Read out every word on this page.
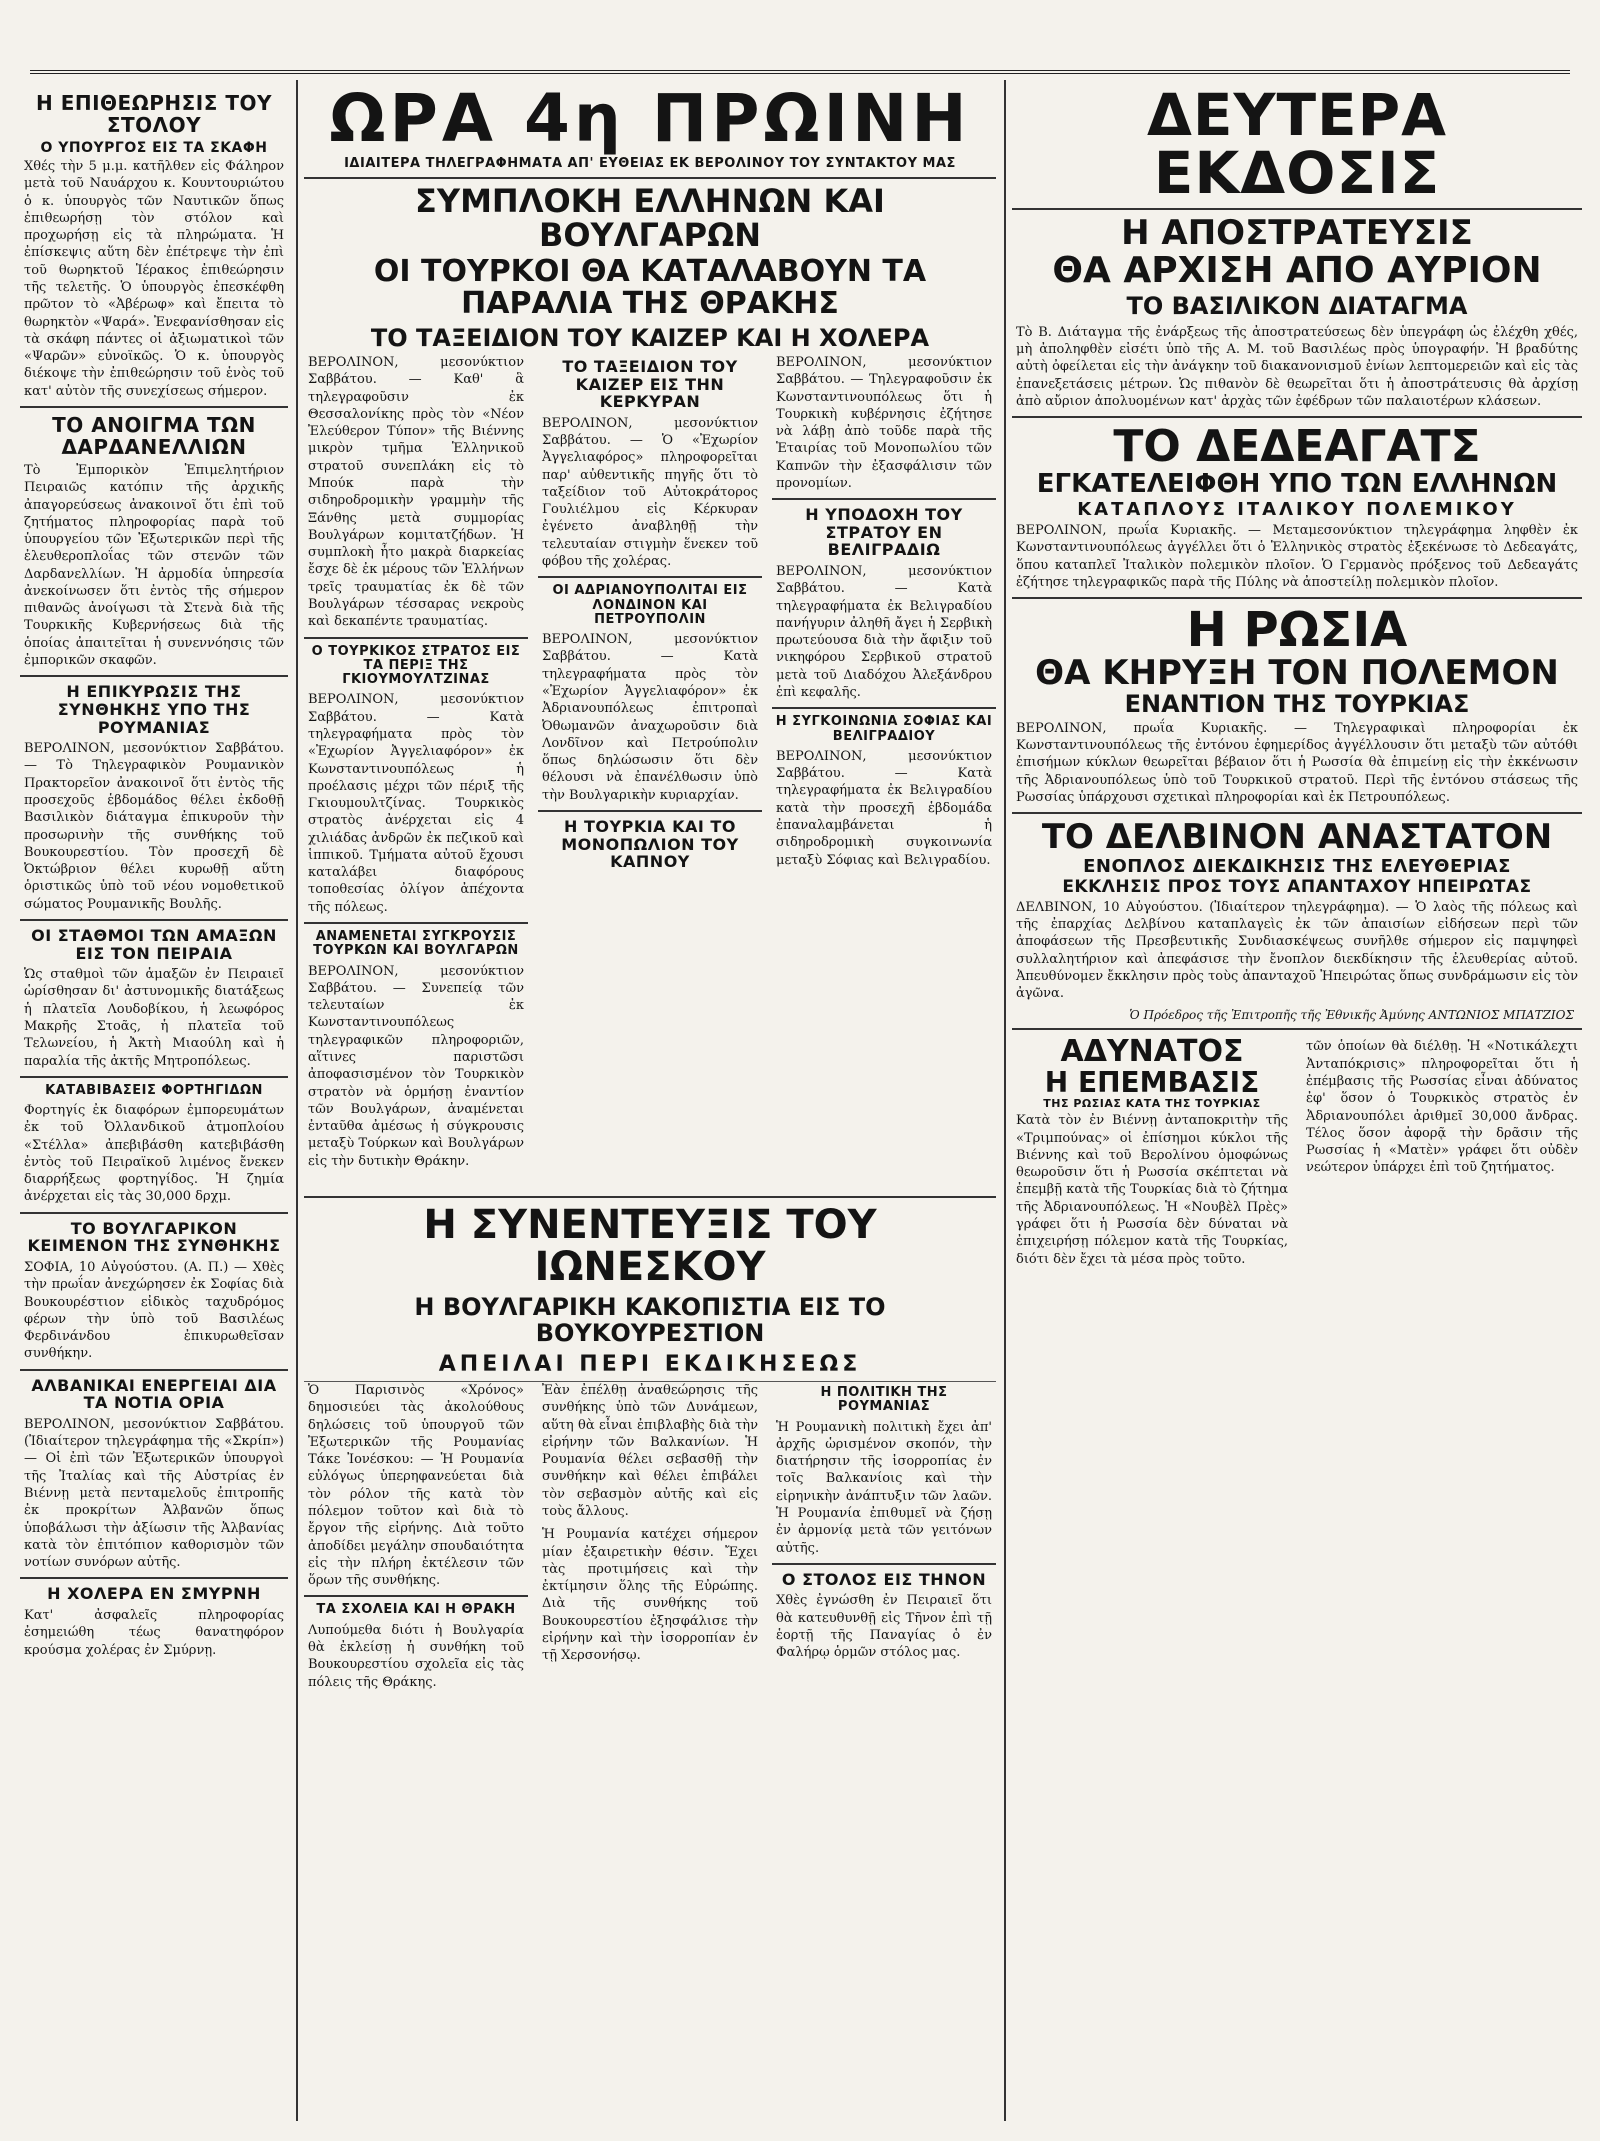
Η ΕΠΙΘΕΩΡΗΣΙΣ ΤΟΥ ΣΤΟΛΟΥ
Ο ΥΠΟΥΡΓΟΣ ΕΙΣ ΤΑ ΣΚΑΦΗ
Χθές τὴν 5 μ.μ. κατῆλθεν εἰς Φάληρον μετὰ τοῦ Ναυάρχου κ. Κουντουριώτου ὁ κ. ὑπουργὸς τῶν Ναυτικῶν ὅπως ἐπιθεωρήσῃ τὸν στόλον καὶ προχωρήσῃ εἰς τὰ πληρώματα. Ἡ ἐπίσκεψις αὕτη δὲν ἐπέτρεψε τὴν ἐπὶ τοῦ θωρηκτοῦ Ἱέρακος ἐπιθεώρησιν τῆς τελετῆς. Ὁ ὑπουργὸς ἐπεσκέφθη πρῶτον τὸ «Ἀβέρωφ» καὶ ἔπειτα τὸ θωρηκτὸν «Ψαρά». Ἐνεφανίσθησαν εἰς τὰ σκάφη πάντες οἱ ἀξιωματικοὶ τῶν «Ψαρῶν» εὐνοϊκῶς. Ὁ κ. ὑπουργὸς διέκοψε τὴν ἐπιθεώρησιν τοῦ ἑνὸς τοῦ κατ' αὐτὸν τῆς συνεχίσεως σήμερον.
ΤΟ ΑΝΟΙΓΜΑ ΤΩΝ ΔΑΡΔΑΝΕΛΛΙΩΝ
Τὸ Ἐμπορικὸν Ἐπιμελητήριον Πειραιῶς κατόπιν τῆς ἀρχικῆς ἀπαγορεύσεως ἀνακοινοῖ ὅτι ἐπὶ τοῦ ζητήματος πληροφορίας παρὰ τοῦ ὑπουργείου τῶν Ἐξωτερικῶν περὶ τῆς ἐλευθεροπλοΐας τῶν στενῶν τῶν Δαρδανελλίων. Ἡ ἀρμοδία ὑπηρεσία ἀνεκοίνωσεν ὅτι ἐντὸς τῆς σήμερον πιθανῶς ἀνοίγωσι τὰ Στενὰ διὰ τῆς Τουρκικῆς Κυβερνήσεως διὰ τῆς ὁποίας ἀπαιτεῖται ἡ συνεννόησις τῶν ἐμπορικῶν σκαφῶν.
Η ΕΠΙΚΥΡΩΣΙΣ ΤΗΣ ΣΥΝΘΗΚΗΣ ΥΠΟ ΤΗΣ ΡΟΥΜΑΝΙΑΣ
ΒΕΡΟΛΙΝΟΝ, μεσονύκτιον Σαββάτου. — Τὸ Τηλεγραφικὸν Ρουμανικὸν Πρακτορεῖον ἀνακοινοῖ ὅτι ἐντὸς τῆς προσεχοῦς ἑβδομάδος θέλει ἐκδοθῇ Βασιλικὸν διάταγμα ἐπικυροῦν τὴν προσωρινὴν τῆς συνθήκης τοῦ Βουκουρεστίου. Τὸν προσεχῆ δὲ Ὀκτώβριον θέλει κυρωθῇ αὕτη ὁριστικῶς ὑπὸ τοῦ νέου νομοθετικοῦ σώματος Ρουμανικῆς Βουλῆς.
ΟΙ ΣΤΑΘΜΟΙ ΤΩΝ ΑΜΑΞΩΝ ΕΙΣ ΤΟΝ ΠΕΙΡΑΙΑ
Ὡς σταθμοὶ τῶν ἁμαξῶν ἐν Πειραιεῖ ὡρίσθησαν δι' ἀστυνομικῆς διατάξεως ἡ πλατεῖα Λουδοβίκου, ἡ λεωφόρος Μακρῆς Στοᾶς, ἡ πλατεῖα τοῦ Τελωνείου, ἡ Ἀκτὴ Μιαούλη καὶ ἡ παραλία τῆς ἀκτῆς Μητροπόλεως.
ΚΑΤΑΒΙΒΑΣΕΙΣ ΦΟΡΤΗΓΙΔΩΝ
Φορτηγίς ἐκ διαφόρων ἐμπορευμάτων ἐκ τοῦ Ὀλλανδικοῦ ἀτμοπλοίου «Στέλλα» ἀπεβιβάσθη κατεβιβάσθη ἐντὸς τοῦ Πειραϊκοῦ λιμένος ἔνεκεν διαρρήξεως φορτηγίδος. Ἡ ζημία ἀνέρχεται εἰς τὰς 30,000 δρχμ.
ΤΟ ΒΟΥΛΓΑΡΙΚΟΝ ΚΕΙΜΕΝΟΝ ΤΗΣ ΣΥΝΘΗΚΗΣ
ΣΟΦΙΑ, 10 Αὐγούστου. (Α. Π.) — Χθὲς τὴν πρωΐαν ἀνεχώρησεν ἐκ Σοφίας διὰ Βουκουρέστιον εἰδικὸς ταχυδρόμος φέρων τὴν ὑπὸ τοῦ Βασιλέως Φερδινάνδου ἐπικυρωθεῖσαν συνθήκην.
ΑΛΒΑΝΙΚΑΙ ΕΝΕΡΓΕΙΑΙ ΔΙΑ ΤΑ ΝΟΤΙΑ ΟΡΙΑ
ΒΕΡΟΛΙΝΟΝ, μεσονύκτιον Σαββάτου. (Ἰδιαίτερον τηλεγράφημα τῆς «Σκρίπ») — Οἱ ἐπὶ τῶν Ἐξωτερικῶν ὑπουργοὶ τῆς Ἰταλίας καὶ τῆς Αὐστρίας ἐν Βιέννῃ μετὰ πενταμελοῦς ἐπιτροπῆς ἐκ προκρίτων Ἀλβανῶν ὅπως ὑποβάλωσι τὴν ἀξίωσιν τῆς Ἀλβανίας κατὰ τὸν ἐπιτόπιον καθορισμὸν τῶν νοτίων συνόρων αὐτῆς.
Η ΧΟΛΕΡΑ ΕΝ ΣΜΥΡΝΗ
Κατ' ἀσφαλεῖς πληροφορίας ἐσημειώθη τέως θανατηφόρον κρούσμα χολέρας ἐν Σμύρνῃ.
ΩΡΑ 4η ΠΡΩΙΝΗ
ΙΔΙΑΙΤΕΡΑ ΤΗΛΕΓΡΑΦΗΜΑΤΑ ΑΠ' ΕΥΘΕΙΑΣ ΕΚ ΒΕΡΟΛΙΝΟΥ ΤΟΥ ΣΥΝΤΑΚΤΟΥ ΜΑΣ
ΣΥΜΠΛΟΚΗ ΕΛΛΗΝΩΝ ΚΑΙ ΒΟΥΛΓΑΡΩΝ
ΟΙ ΤΟΥΡΚΟΙ ΘΑ ΚΑΤΑΛΑΒΟΥΝ ΤΑ ΠΑΡΑΛΙΑ ΤΗΣ ΘΡΑΚΗΣ
ΤΟ ΤΑΞΕΙΔΙΟΝ ΤΟΥ ΚΑΙΖΕΡ ΚΑΙ Η ΧΟΛΕΡΑ
ΒΕΡΟΛΙΝΟΝ, μεσονύκτιον Σαββάτου. — Καθ' ἃ τηλεγραφοῦσιν ἐκ Θεσσαλονίκης πρὸς τὸν «Νέον Ἐλεύθερον Τύπον» τῆς Βιέννης μικρὸν τμῆμα Ἑλληνικοῦ στρατοῦ συνεπλάκη εἰς τὸ Μπούκ παρὰ τὴν σιδηροδρομικὴν γραμμὴν τῆς Ξάνθης μετὰ συμμορίας Βουλγάρων κομιτατζήδων. Ἡ συμπλοκὴ ἦτο μακρὰ διαρκείας ἔσχε δὲ ἐκ μέρους τῶν Ἑλλήνων τρεῖς τραυματίας ἐκ δὲ τῶν Βουλγάρων τέσσαρας νεκροὺς καὶ δεκαπέντε τραυματίας.
Ο ΤΟΥΡΚΙΚΟΣ ΣΤΡΑΤΟΣ ΕΙΣ ΤΑ ΠΕΡΙΞ ΤΗΣ ΓΚΙΟΥΜΟΥΛΤΖΙΝΑΣ
ΒΕΡΟΛΙΝΟΝ, μεσονύκτιον Σαββάτου. — Κατὰ τηλεγραφήματα πρὸς τὸν «Ἐχωρίον Ἀγγελιαφόρον» ἐκ Κωνσταντινουπόλεως ἡ προέλασις μέχρι τῶν πέριξ τῆς Γκιουμουλτζίνας. Τουρκικὸς στρατὸς ἀνέρχεται εἰς 4 χιλιάδας ἀνδρῶν ἐκ πεζικοῦ καὶ ἱππικοῦ. Τμήματα αὐτοῦ ἔχουσι καταλάβει διαφόρους τοποθεσίας ὀλίγον ἀπέχοντα τῆς πόλεως.
ΑΝΑΜΕΝΕΤΑΙ ΣΥΓΚΡΟΥΣΙΣ ΤΟΥΡΚΩΝ ΚΑΙ ΒΟΥΛΓΑΡΩΝ
ΒΕΡΟΛΙΝΟΝ, μεσονύκτιον Σαββάτου. — Συνεπείᾳ τῶν τελευταίων ἐκ Κωνσταντινουπόλεως τηλεγραφικῶν πληροφοριῶν, αἵτινες παριστῶσι ἀποφασισμένον τὸν Τουρκικὸν στρατὸν νὰ ὁρμήσῃ ἐναντίον τῶν Βουλγάρων, ἀναμένεται ἐνταῦθα ἀμέσως ἡ σύγκρουσις μεταξὺ Τούρκων καὶ Βουλγάρων εἰς τὴν δυτικὴν Θράκην.
ΤΟ ΤΑΞΕΙΔΙΟΝ ΤΟΥ ΚΑΙΖΕΡ ΕΙΣ ΤΗΝ ΚΕΡΚΥΡΑΝ
ΒΕΡΟΛΙΝΟΝ, μεσονύκτιον Σαββάτου. — Ὁ «Ἐχωρίον Ἀγγελιαφόρος» πληροφορεῖται παρ' αὐθεντικῆς πηγῆς ὅτι τὸ ταξείδιον τοῦ Αὐτοκράτορος Γουλιέλμου εἰς Κέρκυραν ἐγένετο ἀναβληθῇ τὴν τελευταίαν στιγμὴν ἕνεκεν τοῦ φόβου τῆς χολέρας.
ΟΙ ΑΔΡΙΑΝΟΥΠΟΛΙΤΑΙ ΕΙΣ ΛΟΝΔΙΝΟΝ ΚΑΙ ΠΕΤΡΟΥΠΟΛΙΝ
ΒΕΡΟΛΙΝΟΝ, μεσονύκτιον Σαββάτου. — Κατὰ τηλεγραφήματα πρὸς τὸν «Ἐχωρίον Ἀγγελιαφόρον» ἐκ Ἀδριανουπόλεως ἐπιτροπαὶ Ὀθωμανῶν ἀναχωροῦσιν διὰ Λονδῖνον καὶ Πετρούπολιν ὅπως δηλώσωσιν ὅτι δὲν θέλουσι νὰ ἐπανέλθωσιν ὑπὸ τὴν Βουλγαρικὴν κυριαρχίαν.
Η ΤΟΥΡΚΙΑ ΚΑΙ ΤΟ ΜΟΝΟΠΩΛΙΟΝ ΤΟΥ ΚΑΠΝΟΥ
ΒΕΡΟΛΙΝΟΝ, μεσονύκτιον Σαββάτου. — Τηλεγραφοῦσιν ἐκ Κωνσταντινουπόλεως ὅτι ἡ Τουρκικὴ κυβέρνησις ἐζήτησε νὰ λάβῃ ἀπὸ τοῦδε παρὰ τῆς Ἑταιρίας τοῦ Μονοπωλίου τῶν Καπνῶν τὴν ἐξασφάλισιν τῶν προνομίων.
Η ΥΠΟΔΟΧΗ ΤΟΥ ΣΤΡΑΤΟΥ ΕΝ ΒΕΛΙΓΡΑΔΙΩ
ΒΕΡΟΛΙΝΟΝ, μεσονύκτιον Σαββάτου. — Κατὰ τηλεγραφήματα ἐκ Βελιγραδίου πανήγυριν ἀληθῆ ἄγει ἡ Σερβικὴ πρωτεύουσα διὰ τὴν ἄφιξιν τοῦ νικηφόρου Σερβικοῦ στρατοῦ μετὰ τοῦ Διαδόχου Ἀλεξάνδρου ἐπὶ κεφαλῆς.
Η ΣΥΓΚΟΙΝΩΝΙΑ ΣΟΦΙΑΣ ΚΑΙ ΒΕΛΙΓΡΑΔΙΟΥ
ΒΕΡΟΛΙΝΟΝ, μεσονύκτιον Σαββάτου. — Κατὰ τηλεγραφήματα ἐκ Βελιγραδίου κατὰ τὴν προσεχῆ ἑβδομάδα ἐπαναλαμβάνεται ἡ σιδηροδρομικὴ συγκοινωνία μεταξὺ Σόφιας καὶ Βελιγραδίου.
Η ΣΥΝΕΝΤΕΥΞΙΣ ΤΟΥ ΙΩΝΕΣΚΟΥ
Η ΒΟΥΛΓΑΡΙΚΗ ΚΑΚΟΠΙΣΤΙΑ ΕΙΣ ΤΟ ΒΟΥΚΟΥΡΕΣΤΙΟΝ
ΑΠΕΙΛΑΙ ΠΕΡΙ ΕΚΔΙΚΗΣΕΩΣ
Ὁ Παρισινὸς «Χρόνος» δημοσιεύει τὰς ἀκολούθους δηλώσεις τοῦ ὑπουργοῦ τῶν Ἐξωτερικῶν τῆς Ρουμανίας Τάκε Ἰονέσκου: — Ἡ Ρουμανία εὐλόγως ὑπερηφανεύεται διὰ τὸν ρόλον τῆς κατὰ τὸν πόλεμον τοῦτον καὶ διὰ τὸ ἔργον τῆς εἰρήνης. Διὰ τοῦτο ἀποδίδει μεγάλην σπουδαιότητα εἰς τὴν πλήρη ἐκτέλεσιν τῶν ὅρων τῆς συνθήκης.
ΤΑ ΣΧΟΛΕΙΑ ΚΑΙ Η ΘΡΑΚΗ
Λυπούμεθα διότι ἡ Βουλγαρία θὰ ἐκλείσῃ ἡ συνθήκη τοῦ Βουκουρεστίου σχολεῖα εἰς τὰς πόλεις τῆς Θράκης.
Ἐὰν ἐπέλθῃ ἀναθεώρησις τῆς συνθήκης ὑπὸ τῶν Δυνάμεων, αὕτη θὰ εἶναι ἐπιβλαβὴς διὰ τὴν εἰρήνην τῶν Βαλκανίων. Ἡ Ρουμανία θέλει σεβασθῇ τὴν συνθήκην καὶ θέλει ἐπιβάλει τὸν σεβασμὸν αὐτῆς καὶ εἰς τοὺς ἄλλους.
Ἡ Ρουμανία κατέχει σήμερον μίαν ἐξαιρετικὴν θέσιν. Ἔχει τὰς προτιμήσεις καὶ τὴν ἐκτίμησιν ὅλης τῆς Εὐρώπης. Διὰ τῆς συνθήκης τοῦ Βουκουρεστίου ἐξησφάλισε τὴν εἰρήνην καὶ τὴν ἰσορροπίαν ἐν τῇ Χερσονήσῳ.
Η ΠΟΛΙΤΙΚΗ ΤΗΣ ΡΟΥΜΑΝΙΑΣ
Ἡ Ρουμανικὴ πολιτικὴ ἔχει ἀπ' ἀρχῆς ὡρισμένον σκοπόν, τὴν διατήρησιν τῆς ἰσορροπίας ἐν τοῖς Βαλκανίοις καὶ τὴν εἰρηνικὴν ἀνάπτυξιν τῶν λαῶν. Ἡ Ρουμανία ἐπιθυμεῖ νὰ ζήσῃ ἐν ἀρμονίᾳ μετὰ τῶν γειτόνων αὐτῆς.
Ο ΣΤΟΛΟΣ ΕΙΣ ΤΗΝΟΝ
Χθὲς ἐγνώσθη ἐν Πειραιεῖ ὅτι θὰ κατευθυνθῇ εἰς Τῆνον ἐπὶ τῇ ἑορτῇ τῆς Παναγίας ὁ ἐν Φαλήρῳ ὁρμῶν στόλος μας.
ΔΕΥΤΕΡΑ ΕΚΔΟΣΙΣ
Η ΑΠΟΣΤΡΑΤΕΥΣΙΣ
ΘΑ ΑΡΧΙΣΗ ΑΠΟ ΑΥΡΙΟΝ
ΤΟ ΒΑΣΙΛΙΚΟΝ ΔΙΑΤΑΓΜΑ
Τὸ Β. Διάταγμα τῆς ἐνάρξεως τῆς ἀποστρατεύσεως δὲν ὑπεγράφη ὡς ἐλέχθη χθές, μὴ ἀποληφθὲν εἰσέτι ὑπὸ τῆς Α. Μ. τοῦ Βασιλέως πρὸς ὑπογραφήν. Ἡ βραδύτης αὐτὴ ὀφείλεται εἰς τὴν ἀνάγκην τοῦ διακανονισμοῦ ἐνίων λεπτομερειῶν καὶ εἰς τὰς ἐπανεξετάσεις μέτρων. Ὡς πιθανὸν δὲ θεωρεῖται ὅτι ἡ ἀποστράτευσις θὰ ἀρχίσῃ ἀπὸ αὔριον ἀπολυομένων κατ' ἀρχὰς τῶν ἐφέδρων τῶν παλαιοτέρων κλάσεων.
ΤΟ ΔΕΔΕΑΓΑΤΣ
ΕΓΚΑΤΕΛΕΙΦΘΗ ΥΠΟ ΤΩΝ ΕΛΛΗΝΩΝ
ΚΑΤΑΠΛΟΥΣ ΙΤΑΛΙΚΟΥ ΠΟΛΕΜΙΚΟΥ
ΒΕΡΟΛΙΝΟΝ, πρωΐα Κυριακῆς. — Μεταμεσονύκτιον τηλεγράφημα ληφθὲν ἐκ Κωνσταντινουπόλεως ἀγγέλλει ὅτι ὁ Ἑλληνικὸς στρατὸς ἐξεκένωσε τὸ Δεδεαγάτς, ὅπου καταπλεῖ Ἰταλικὸν πολεμικὸν πλοῖον. Ὁ Γερμανὸς πρόξενος τοῦ Δεδεαγάτς ἐζήτησε τηλεγραφικῶς παρὰ τῆς Πύλης νὰ ἀποστείλῃ πολεμικὸν πλοῖον.
Η ΡΩΣΙΑ
ΘΑ ΚΗΡΥΞΗ ΤΟΝ ΠΟΛΕΜΟΝ
ΕΝΑΝΤΙΟΝ ΤΗΣ ΤΟΥΡΚΙΑΣ
ΒΕΡΟΛΙΝΟΝ, πρωΐα Κυριακῆς. — Τηλεγραφικαὶ πληροφορίαι ἐκ Κωνσταντινουπόλεως τῆς ἐντόνου ἐφημερίδος ἀγγέλλουσιν ὅτι μεταξὺ τῶν αὐτόθι ἐπισήμων κύκλων θεωρεῖται βέβαιον ὅτι ἡ Ρωσσία θὰ ἐπιμείνῃ εἰς τὴν ἐκκένωσιν τῆς Ἀδριανουπόλεως ὑπὸ τοῦ Τουρκικοῦ στρατοῦ. Περὶ τῆς ἐντόνου στάσεως τῆς Ρωσσίας ὑπάρχουσι σχετικαὶ πληροφορίαι καὶ ἐκ Πετρουπόλεως.
ΤΟ ΔΕΛΒΙΝΟΝ ΑΝΑΣΤΑΤΟΝ
ΕΝΟΠΛΟΣ ΔΙΕΚΔΙΚΗΣΙΣ ΤΗΣ ΕΛΕΥΘΕΡΙΑΣ
ΕΚΚΛΗΣΙΣ ΠΡΟΣ ΤΟΥΣ ΑΠΑΝΤΑΧΟΥ ΗΠΕΙΡΩΤΑΣ
ΔΕΛΒΙΝΟΝ, 10 Αὐγούστου. (Ἰδιαίτερον τηλεγράφημα). — Ὁ λαὸς τῆς πόλεως καὶ τῆς ἐπαρχίας Δελβίνου καταπλαγεὶς ἐκ τῶν ἀπαισίων εἰδήσεων περὶ τῶν ἀποφάσεων τῆς Πρεσβευτικῆς Συνδιασκέψεως συνῆλθε σήμερον εἰς παμψηφεὶ συλλαλητήριον καὶ ἀπεφάσισε τὴν ἔνοπλον διεκδίκησιν τῆς ἐλευθερίας αὐτοῦ. Ἀπευθύνομεν ἔκκλησιν πρὸς τοὺς ἀπανταχοῦ Ἠπειρώτας ὅπως συνδράμωσιν εἰς τὸν ἀγῶνα.
Ὁ Πρόεδρος τῆς Ἐπιτροπῆς τῆς Ἐθνικῆς Ἀμύνης ΑΝΤΩΝΙΟΣ ΜΠΑΤΖΙΟΣ
ΑΔΥΝΑΤΟΣ
Η ΕΠΕΜΒΑΣΙΣ
ΤΗΣ ΡΩΣΙΑΣ ΚΑΤΑ ΤΗΣ ΤΟΥΡΚΙΑΣ
Κατὰ τὸν ἐν Βιέννῃ ἀνταποκριτὴν τῆς «Τριμπούνας» οἱ ἐπίσημοι κύκλοι τῆς Βιέννης καὶ τοῦ Βερολίνου ὁμοφώνως θεωροῦσιν ὅτι ἡ Ρωσσία σκέπτεται νὰ ἐπεμβῇ κατὰ τῆς Τουρκίας διὰ τὸ ζήτημα τῆς Ἀδριανουπόλεως. Ἡ «Νουβὲλ Πρὲς» γράφει ὅτι ἡ Ρωσσία δὲν δύναται νὰ ἐπιχειρήσῃ πόλεμον κατὰ τῆς Τουρκίας, διότι δὲν ἔχει τὰ μέσα πρὸς τοῦτο.
τῶν ὁποίων θὰ διέλθῃ. Ἡ «Νοτικάλεχτι Ἀνταπόκρισις» πληροφορεῖται ὅτι ἡ ἐπέμβασις τῆς Ρωσσίας εἶναι ἀδύνατος ἐφ' ὅσον ὁ Τουρκικὸς στρατὸς ἐν Ἀδριανουπόλει ἀριθμεῖ 30,000 ἄνδρας. Τέλος ὅσον ἀφορᾷ τὴν δρᾶσιν τῆς Ρωσσίας ἡ «Ματὲν» γράφει ὅτι οὐδὲν νεώτερον ὑπάρχει ἐπὶ τοῦ ζητήματος.
